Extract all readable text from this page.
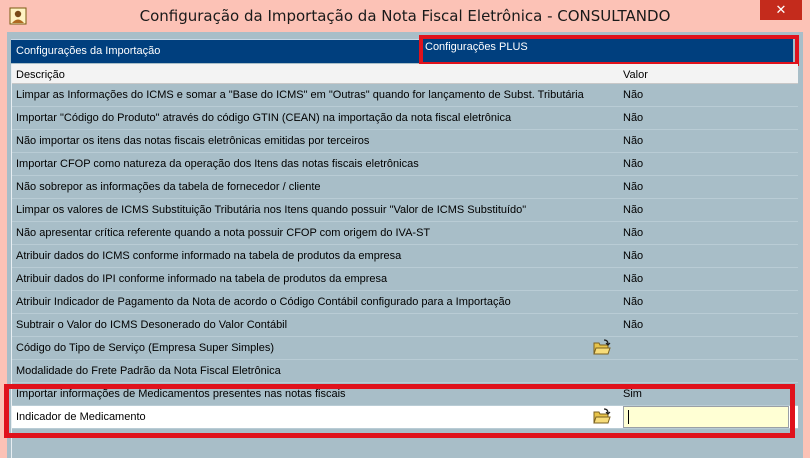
Configuração da Importação da Nota Fiscal Eletrônica - CONSULTANDO	✕
Configurações da Importação	Configurações PLUS
Descrição	Valor
Limpar as Informações do ICMS e somar a "Base do ICMS" em "Outras" quando for lançamento de Subst. Tributária	Não
Importar "Código do Produto" através do código GTIN (CEAN) na importação da nota fiscal eletrônica	Não
Não importar os itens das notas fiscais eletrônicas emitidas por terceiros	Não
Importar CFOP como natureza da operação dos Itens das notas fiscais eletrônicas	Não
Não sobrepor as informações da tabela de fornecedor / cliente	Não
Limpar os valores de ICMS Substituição Tributária nos Itens quando possuir "Valor de ICMS Substituído"	Não
Não apresentar crítica referente quando a nota possuir CFOP com origem do IVA-ST	Não
Atribuir dados do ICMS conforme informado na tabela de produtos da empresa	Não
Atribuir dados do IPI conforme informado na tabela de produtos da empresa	Não
Atribuir Indicador de Pagamento da Nota de acordo o Código Contábil configurado para a Importação	Não
Subtrair o Valor do ICMS Desonerado do Valor Contábil	Não
Código do Tipo de Serviço (Empresa Super Simples)
Modalidade do Frete Padrão da Nota Fiscal Eletrônica
Importar informações de Medicamentos presentes nas notas fiscais	Sim
Indicador de Medicamento
